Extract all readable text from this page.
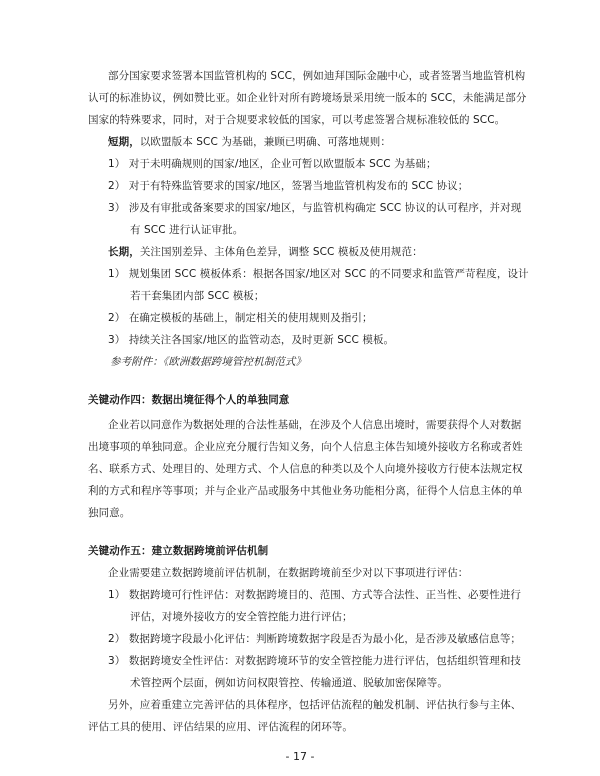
部分国家要求签署本国监管机构的 SCC，例如迪拜国际金融中心，或者签署当地监管机构
认可的标准协议，例如赞比亚。如企业针对所有跨境场景采用统一版本的 SCC，未能满足部分
国家的特殊要求，同时，对于合规要求较低的国家，可以考虑签署合规标准较低的 SCC。
短期，以欧盟版本 SCC 为基础，兼顾已明确、可落地规则：
1） 对于未明确规则的国家/地区，企业可暂以欧盟版本 SCC 为基础；
2） 对于有特殊监管要求的国家/地区，签署当地监管机构发布的 SCC 协议；
3） 涉及有审批或备案要求的国家/地区，与监管机构确定 SCC 协议的认可程序，并对现
有 SCC 进行认证审批。
长期，关注国别差异、主体角色差异，调整 SCC 模板及使用规范：
1） 规划集团 SCC 模板体系：根据各国家/地区对 SCC 的不同要求和监管严苛程度，设计
若干套集团内部 SCC 模板；
2） 在确定模板的基础上，制定相关的使用规则及指引；
3） 持续关注各国家/地区的监管动态，及时更新 SCC 模板。
参考附件：《欧洲数据跨境管控机制范式》
关键动作四：数据出境征得个人的单独同意
企业若以同意作为数据处理的合法性基础，在涉及个人信息出境时，需要获得个人对数据
出境事项的单独同意。企业应充分履行告知义务，向个人信息主体告知境外接收方名称或者姓
名、联系方式、处理目的、处理方式、个人信息的种类以及个人向境外接收方行使本法规定权
利的方式和程序等事项；并与企业产品或服务中其他业务功能相分离，征得个人信息主体的单
独同意。
关键动作五：建立数据跨境前评估机制
企业需要建立数据跨境前评估机制，在数据跨境前至少对以下事项进行评估：
1） 数据跨境可行性评估：对数据跨境目的、范围、方式等合法性、正当性、必要性进行
评估，对境外接收方的安全管控能力进行评估；
2） 数据跨境字段最小化评估：判断跨境数据字段是否为最小化，是否涉及敏感信息等；
3） 数据跨境安全性评估：对数据跨境环节的安全管控能力进行评估，包括组织管理和技
术管控两个层面，例如访问权限管控、传输通道、脱敏加密保障等。
另外，应着重建立完善评估的具体程序，包括评估流程的触发机制、评估执行参与主体、
评估工具的使用、评估结果的应用、评估流程的闭环等。
- 17 -
